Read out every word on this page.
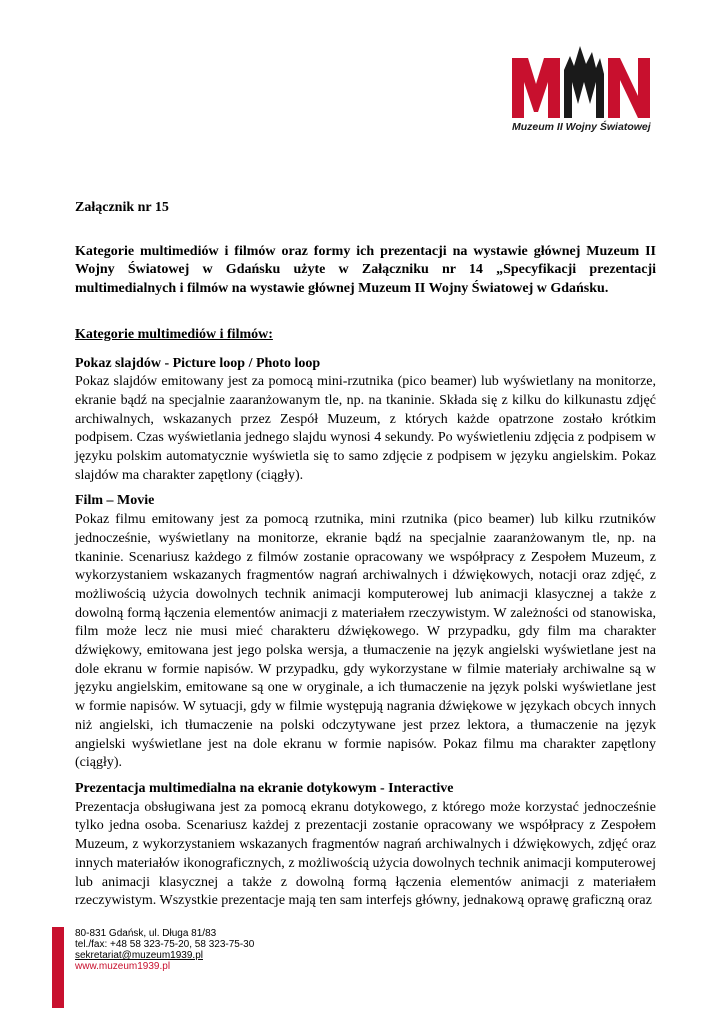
Muzeum II Wojny Światowej

Załącznik nr 15

Kategorie multimediów i filmów oraz formy ich prezentacji na wystawie głównej Muzeum II Wojny Światowej w Gdańsku użyte w Załączniku nr 14 „Specyfikacji prezentacji multimedialnych i filmów na wystawie głównej Muzeum II Wojny Światowej w Gdańsku.

Kategorie multimediów i filmów:

Pokaz slajdów - Picture loop / Photo loop
Pokaz slajdów emitowany jest za pomocą mini-rzutnika (pico beamer) lub wyświetlany na monitorze, ekranie bądź na specjalnie zaaranżowanym tle, np. na tkaninie. Składa się z kilku do kilkunastu zdjęć archiwalnych, wskazanych przez Zespół Muzeum, z których każde opatrzone zostało krótkim podpisem. Czas wyświetlania jednego slajdu wynosi 4 sekundy. Po wyświetleniu zdjęcia z podpisem w języku polskim automatycznie wyświetla się to samo zdjęcie z podpisem w języku angielskim. Pokaz slajdów ma charakter zapętlony (ciągły).
Film – Movie
Pokaz filmu emitowany jest za pomocą rzutnika, mini rzutnika (pico beamer) lub kilku rzutników jednocześnie, wyświetlany na monitorze, ekranie bądź na specjalnie zaaranżowanym tle, np. na tkaninie. Scenariusz każdego z filmów zostanie opracowany we współpracy z Zespołem Muzeum, z wykorzystaniem wskazanych fragmentów nagrań archiwalnych i dźwiękowych, notacji oraz zdjęć, z możliwością użycia dowolnych technik animacji komputerowej lub animacji klasycznej a także z dowolną formą łączenia elementów animacji z materiałem rzeczywistym. W zależności od stanowiska, film może lecz nie musi mieć charakteru dźwiękowego. W przypadku, gdy film ma charakter dźwiękowy, emitowana jest jego polska wersja, a tłumaczenie na język angielski wyświetlane jest na dole ekranu w formie napisów. W przypadku, gdy wykorzystane w filmie materiały archiwalne są w języku angielskim, emitowane są one w oryginale, a ich tłumaczenie na język polski wyświetlane jest w formie napisów. W sytuacji, gdy w filmie występują nagrania dźwiękowe w językach obcych innych niż angielski, ich tłumaczenie na polski odczytywane jest przez lektora, a tłumaczenie na język angielski wyświetlane jest na dole ekranu w formie napisów. Pokaz filmu ma charakter zapętlony (ciągły).
Prezentacja multimedialna na ekranie dotykowym - Interactive
Prezentacja obsługiwana jest za pomocą ekranu dotykowego, z którego może korzystać jednocześnie tylko jedna osoba. Scenariusz każdej z prezentacji zostanie opracowany we współpracy z Zespołem Muzeum, z wykorzystaniem wskazanych fragmentów nagrań archiwalnych i dźwiękowych, zdjęć oraz innych materiałów ikonograficznych, z możliwością użycia dowolnych technik animacji komputerowej lub animacji klasycznej a także z dowolną formą łączenia elementów animacji z materiałem rzeczywistym. Wszystkie prezentacje mają ten sam interfejs główny, jednakową oprawę graficzną oraz
80-831 Gdańsk, ul. Długa 81/83
tel./fax: +48 58 323-75-20, 58 323-75-30
sekretariat@muzeum1939.pl
www.muzeum1939.pl
